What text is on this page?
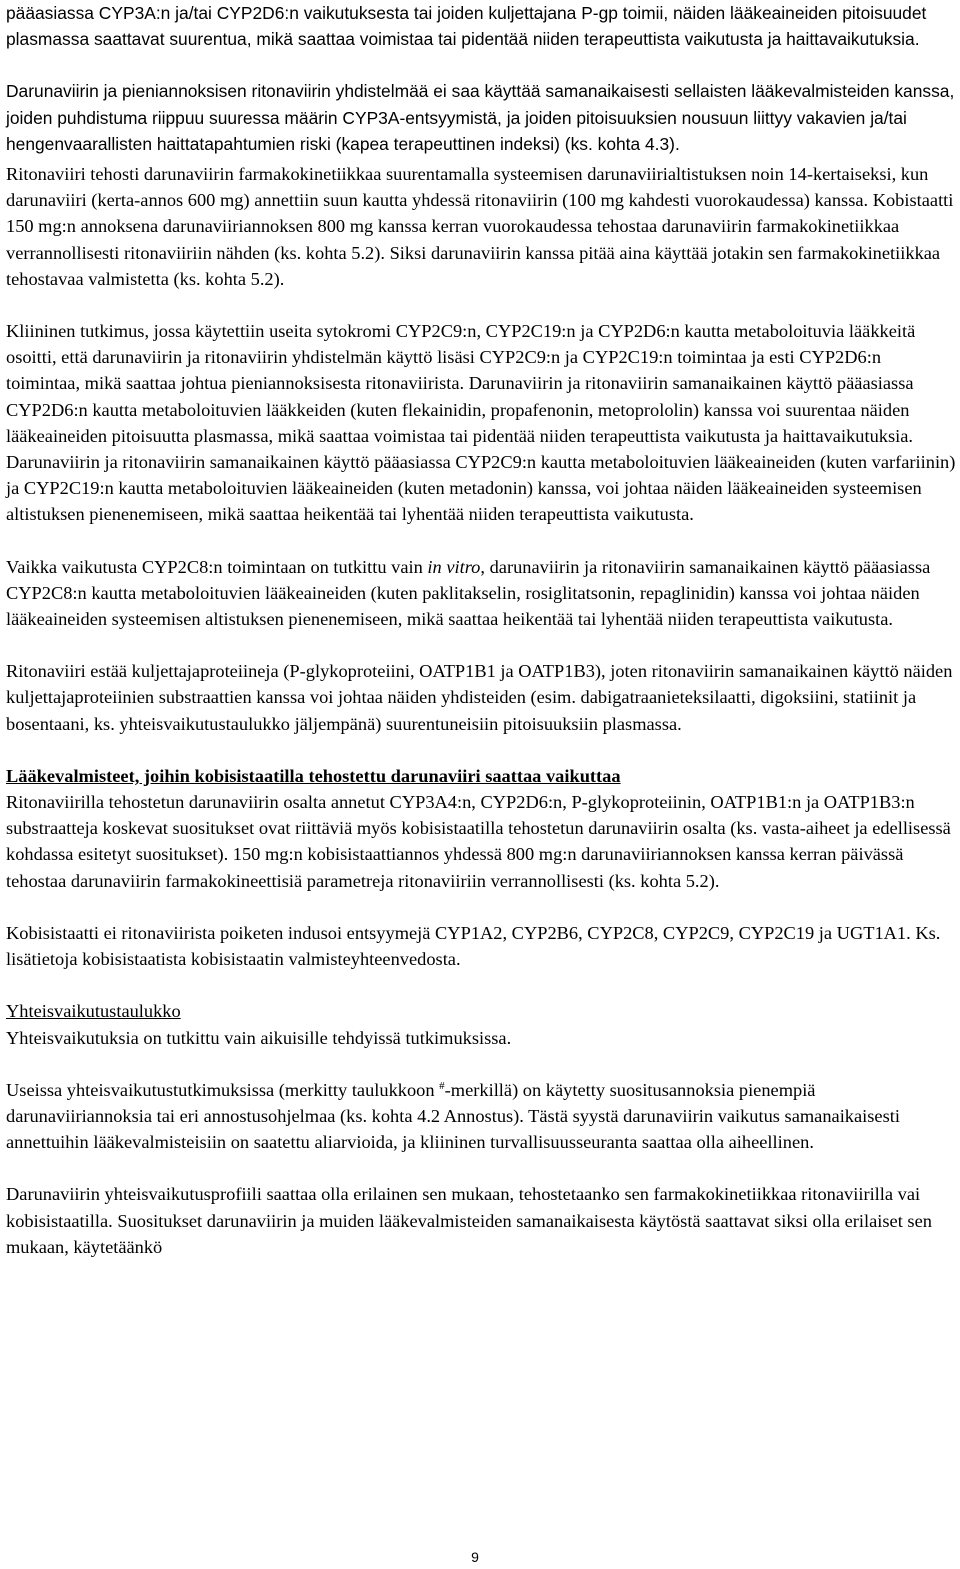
pääasiassa CYP3A:n ja/tai CYP2D6:n vaikutuksesta tai joiden kuljettajana P-gp toimii, näiden lääkeaineiden pitoisuudet plasmassa saattavat suurentua, mikä saattaa voimistaa tai pidentää niiden terapeuttista vaikutusta ja haittavaikutuksia.

Darunaviirin ja pieniannoksisen ritonaviirin yhdistelmää ei saa käyttää samanaikaisesti sellaisten lääkevalmisteiden kanssa, joiden puhdistuma riippuu suuressa määrin CYP3A-entsyymistä, ja joiden pitoisuuksien nousuun liittyy vakavien ja/tai hengenvaarallisten haittatapahtumien riski (kapea terapeuttinen indeksi) (ks. kohta 4.3).

Ritonaviiri tehosti darunaviirin farmakokinetiikkaa suurentamalla systeemisen darunaviirialtistuksen noin 14-kertaiseksi, kun darunaviiri (kerta-annos 600 mg) annettiin suun kautta yhdessä ritonaviirin (100 mg kahdesti vuorokaudessa) kanssa. Kobistaatti 150 mg:n annoksena darunaviiriannoksen 800 mg kanssa kerran vuorokaudessa tehostaa darunaviirin farmakokinetiikkaa verrannollisesti ritonaviiriin nähden (ks. kohta 5.2). Siksi darunaviirin kanssa pitää aina käyttää jotakin sen farmakokinetiikkaa tehostavaa valmistetta (ks. kohta 5.2).

Kliininen tutkimus, jossa käytettiin useita sytokromi CYP2C9:n, CYP2C19:n ja CYP2D6:n kautta metaboloituvia lääkkeitä osoitti, että darunaviirin ja ritonaviirin yhdistelmän käyttö lisäsi CYP2C9:n ja CYP2C19:n toimintaa ja esti CYP2D6:n toimintaa, mikä saattaa johtua pieniannoksisesta ritonaviirista. Darunaviirin ja ritonaviirin samanaikainen käyttö pääasiassa CYP2D6:n kautta metaboloituvien lääkkeiden (kuten flekainidin, propafenonin, metoprololin) kanssa voi suurentaa näiden lääkeaineiden pitoisuutta plasmassa, mikä saattaa voimistaa tai pidentää niiden terapeuttista vaikutusta ja haittavaikutuksia. Darunaviirin ja ritonaviirin samanaikainen käyttö pääasiassa CYP2C9:n kautta metaboloituvien lääkeaineiden (kuten varfariinin) ja CYP2C19:n kautta metaboloituvien lääkeaineiden (kuten metadonin) kanssa, voi johtaa näiden lääkeaineiden systeemisen altistuksen pienenemiseen, mikä saattaa heikentää tai lyhentää niiden terapeuttista vaikutusta.

Vaikka vaikutusta CYP2C8:n toimintaan on tutkittu vain in vitro, darunaviirin ja ritonaviirin samanaikainen käyttö pääasiassa CYP2C8:n kautta metaboloituvien lääkeaineiden (kuten paklitakselin, rosiglitatsonin, repaglinidin) kanssa voi johtaa näiden lääkeaineiden systeemisen altistuksen pienenemiseen, mikä saattaa heikentää tai lyhentää niiden terapeuttista vaikutusta.

Ritonaviiri estää kuljettajaproteiineja (P-glykoproteiini, OATP1B1 ja OATP1B3), joten ritonaviirin samanaikainen käyttö näiden kuljettajaproteiinien substraattien kanssa voi johtaa näiden yhdisteiden (esim. dabigatraanieteksilaatti, digoksiini, statiinit ja bosentaani, ks. yhteisvaikutustaulukko jäljempänä) suurentuneisiin pitoisuuksiin plasmassa.

Lääkevalmisteet, joihin kobisistaatilla tehostettu darunaviiri saattaa vaikuttaa

Ritonaviirilla tehostetun darunaviirin osalta annetut CYP3A4:n, CYP2D6:n, P-glykoproteiinin, OATP1B1:n ja OATP1B3:n substraatteja koskevat suositukset ovat riittäviä myös kobisistaatilla tehostetun darunaviirin osalta (ks. vasta-aiheet ja edellisessä kohdassa esitetyt suositukset). 150 mg:n kobisistaattiannos yhdessä 800 mg:n darunaviiriannoksen kanssa kerran päivässä tehostaa darunaviirin farmakokineettisiä parametreja ritonaviiriin verrannollisesti (ks. kohta 5.2).

Kobisistaatti ei ritonaviirista poiketen indusoi entsyymejä CYP1A2, CYP2B6, CYP2C8, CYP2C9, CYP2C19 ja UGT1A1. Ks. lisätietoja kobisistaatista kobisistaatin valmisteyhteenvedosta.

Yhteisvaikutustaulukko

Yhteisvaikutuksia on tutkittu vain aikuisille tehdyissä tutkimuksissa.

Useissa yhteisvaikutustutkimuksissa (merkitty taulukkoon #-merkillä) on käytetty suositusannoksia pienempiä darunaviiriannoksia tai eri annostusohjelmaa (ks. kohta 4.2 Annostus). Tästä syystä darunaviirin vaikutus samanaikaisesti annettuihin lääkevalmisteisiin on saatettu aliarvioida, ja kliininen turvallisuusseuranta saattaa olla aiheellinen.

Darunaviirin yhteisvaikutusprofiili saattaa olla erilainen sen mukaan, tehostetaanko sen farmakokinetiikkaa ritonaviirilla vai kobisistaatilla. Suositukset darunaviirin ja muiden lääkevalmisteiden samanaikaisesta käytöstä saattavat siksi olla erilaiset sen mukaan, käytetäänkö

9
